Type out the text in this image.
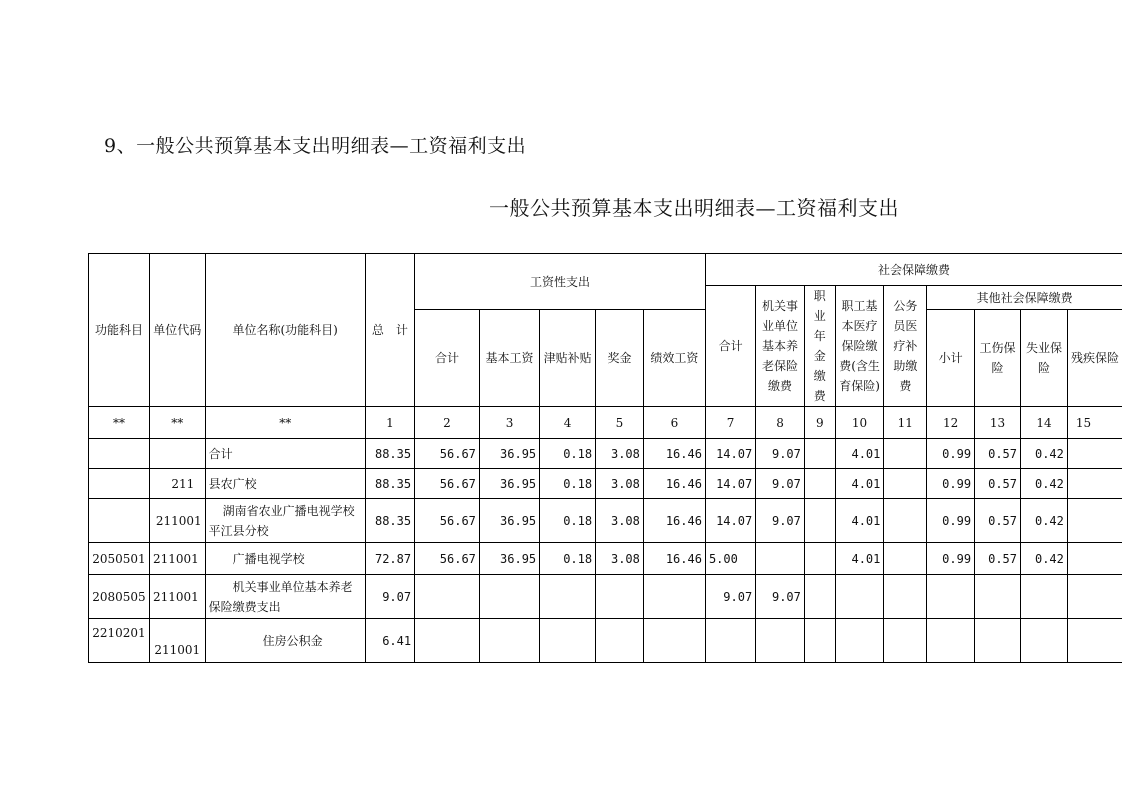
9、一般公共预算基本支出明细表—工资福利支出
一般公共预算基本支出明细表—工资福利支出
功能科目	单位代码	单位名称(功能科目)	总　计	工资性支出					社会保障缴费								
									合计	机关事业单位基本养老保险缴费	职业年金缴费	职工基本医疗保险缴费(含生育保险)	公务员医疗补助缴费	其他社会保障缴费			
				合计	基本工资	津贴补贴	奖金	绩效工资						小计	工伤保险	失业保险	残疾保险

**	**	**	1	2	3	4	5	6	7	8	9	10	11	12	13	14	15
		合计	88.35	56.67	36.95	0.18	3.08	16.46	14.07	9.07		4.01		0.99	0.57	0.42	
	211	县农广校	88.35	56.67	36.95	0.18	3.08	16.46	14.07	9.07		4.01		0.99	0.57	0.42	
	211001	湖南省农业广播电视学校平江县分校	88.35	56.67	36.95	0.18	3.08	16.46	14.07	9.07		4.01		0.99	0.57	0.42	
2050501	211001	广播电视学校	72.87	56.67	36.95	0.18	3.08	16.46	5.00			4.01		0.99	0.57	0.42	
2080505	211001	机关事业单位基本养老保险缴费支出	9.07						9.07	9.07							
2210201	211001	住房公积金	6.41														
